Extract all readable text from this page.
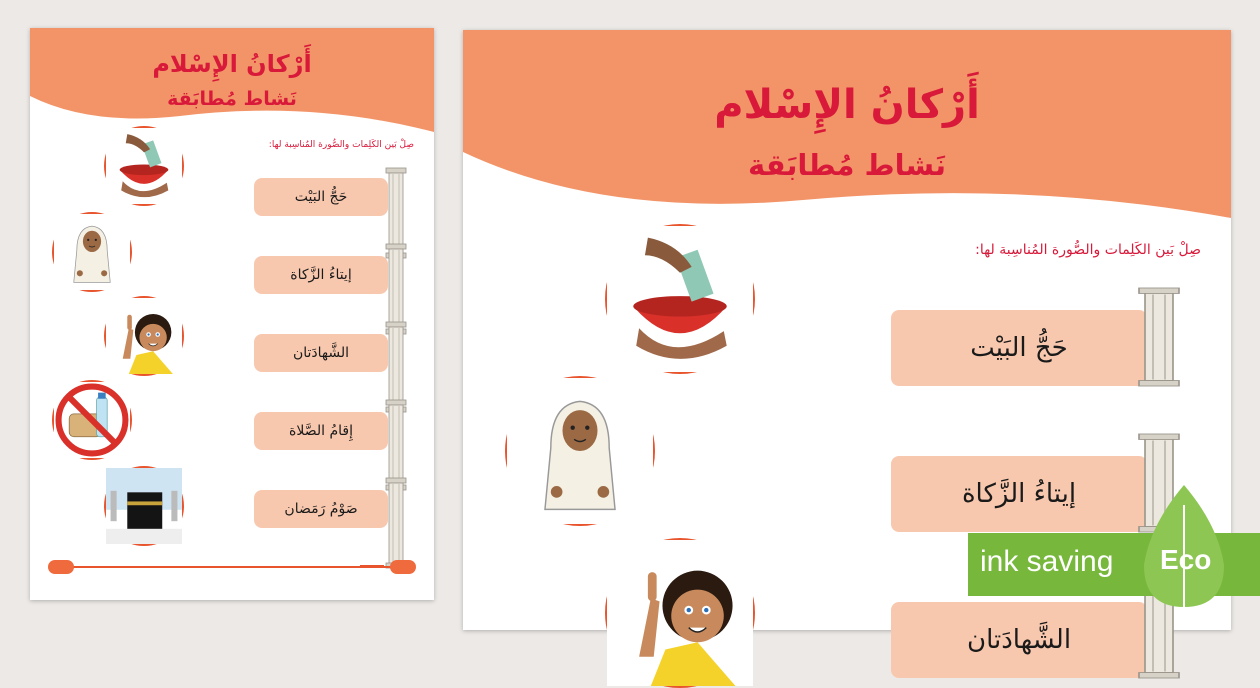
أَرْكانُ الإِسْلام
نَشاط مُطابَقة
صِلْ بَين الكَلِمات والصُّورة المُناسِبة لها:
حَجُّ البَيْت
إيتاءُ الزَّكاة
الشَّهادَتان
إِقامُ الصَّلاة
صَوْمُ رَمَضان
أَرْكانُ الإِسْلام
نَشاط مُطابَقة
صِلْ بَين الكَلِمات والصُّورة المُناسِبة لها:
حَجُّ البَيْت
إيتاءُ الزَّكاة
الشَّهادَتان
ink saving Eco
